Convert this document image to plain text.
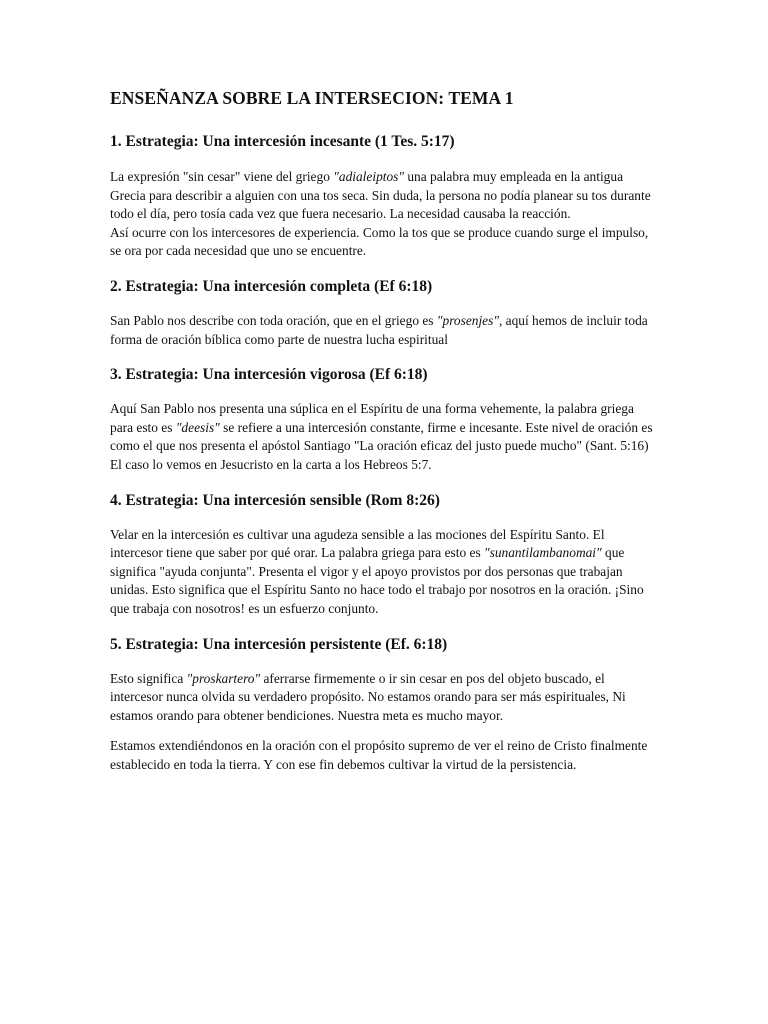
ENSEÑANZA SOBRE LA INTERSECION: TEMA 1
1. Estrategia: Una intercesión incesante (1 Tes. 5:17)

La expresión "sin cesar" viene del griego "adialeiptos" una palabra muy empleada en la antigua Grecia para describir a alguien con una tos seca. Sin duda, la persona no podía planear su tos durante todo el día, pero tosía cada vez que fuera necesario. La necesidad causaba la reacción.

Así ocurre con los intercesores de experiencia. Como la tos que se produce cuando surge el impulso, se ora por cada necesidad que uno se encuentre.

2. Estrategia: Una intercesión completa (Ef 6:18)

San Pablo nos describe con toda oración, que en el griego es "prosenjes", aquí hemos de incluir toda forma de oración bíblica como parte de nuestra lucha espiritual

3. Estrategia: Una intercesión vigorosa (Ef 6:18)

Aquí San Pablo nos presenta una súplica en el Espíritu de una forma vehemente, la palabra griega para esto es "deesis" se refiere a una intercesión constante, firme e incesante. Este nivel de oración es como el que nos presenta el apóstol Santiago "La oración eficaz del justo puede mucho" (Sant. 5:16) El caso lo vemos en Jesucristo en la carta a los Hebreos 5:7.

4. Estrategia: Una intercesión sensible (Rom 8:26)

Velar en la intercesión es cultivar una agudeza sensible a las mociones del Espíritu Santo. El intercesor tiene que saber por qué orar. La palabra griega para esto es "sunantilambanomai" que significa "ayuda conjunta". Presenta el vigor y el apoyo provistos por dos personas que trabajan unidas. Esto significa que el Espíritu Santo no hace todo el trabajo por nosotros en la oración. ¡Sino que trabaja con nosotros! es un esfuerzo conjunto.

5. Estrategia: Una intercesión persistente (Ef. 6:18)

Esto significa "proskartero" aferrarse firmemente o ir sin cesar en pos del objeto buscado, el intercesor nunca olvida su verdadero propósito. No estamos orando para ser más espirituales, Ni estamos orando para obtener bendiciones. Nuestra meta es mucho mayor.

Estamos extendiéndonos en la oración con el propósito supremo de ver el reino de Cristo finalmente establecido en toda la tierra. Y con ese fin debemos cultivar la virtud de la persistencia.
